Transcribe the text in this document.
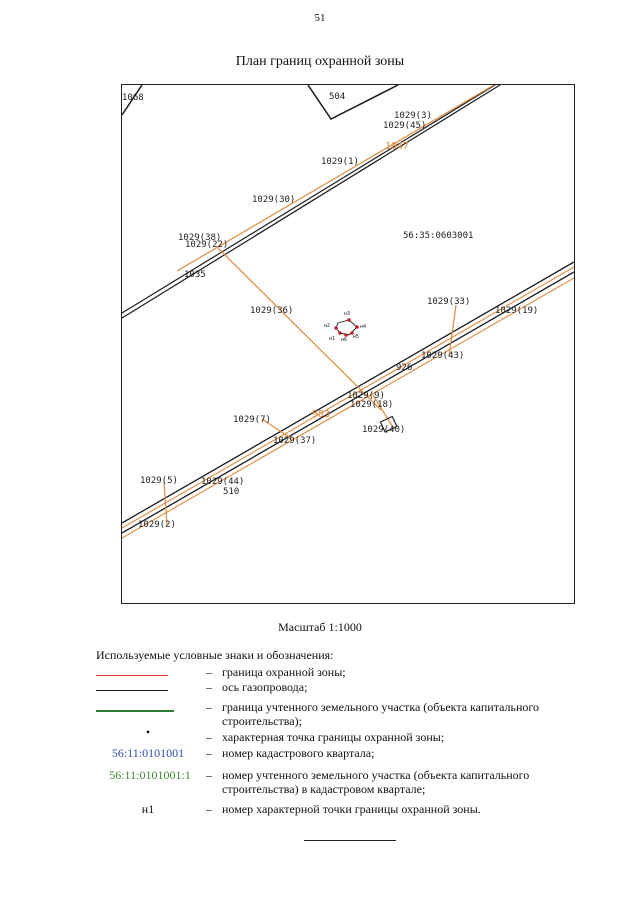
51
План границ охранной зоны
н1
н2
н3
н4
н5
н6
1068	504
1029(3)
1029(45)
1047
1029(1)
1029(30)
56:35:0603001
1029(38)
1029(22)
1035
1029(36)
1029(33)
1029(19)
1029(43)
926
1029(9)
1029(18)
983
1029(7)
1029(40)
1029(37)
1029(5)	1029(44)
510
1029(2)
Масштаб 1:1000
Используемые условные знаки и обозначения:
– граница охранной зоны;
– ось газопровода;
– граница учтенного земельного участка (объекта капитального строительства);
•	– характерная точка границы охранной зоны;
56:11:0101001	– номер кадастрового квартала;
56:11:0101001:1	– номер учтенного земельного участка (объекта капитального строительства) в кадастровом квартале;
н1	– номер характерной точки границы охранной зоны.
